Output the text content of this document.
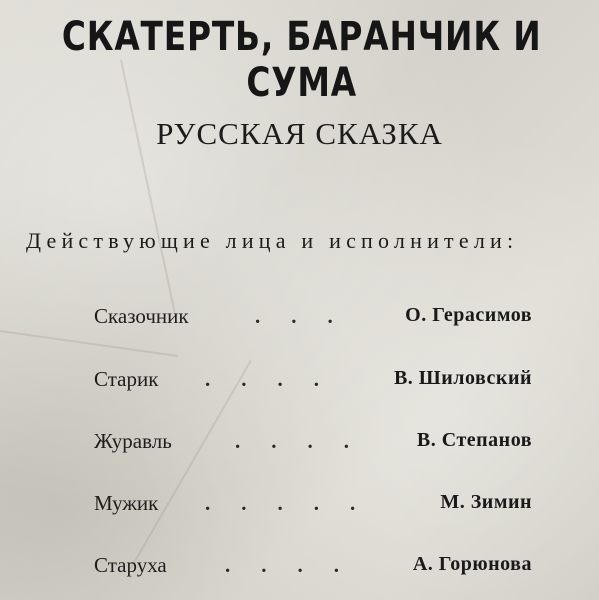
СКАТЕРТЬ, БАРАНЧИК И СУМА
РУССКАЯ СКАЗКА
Действующие лица и исполнители:
Сказочник	.    .    .	О. Герасимов
Старик .    .    .    .	В. Шиловский
Журавль	.    .    .    .	В. Степанов
Мужик .    .    .    .    .	М. Зимин
Старуха	.    .    .    .	А. Горюнова
